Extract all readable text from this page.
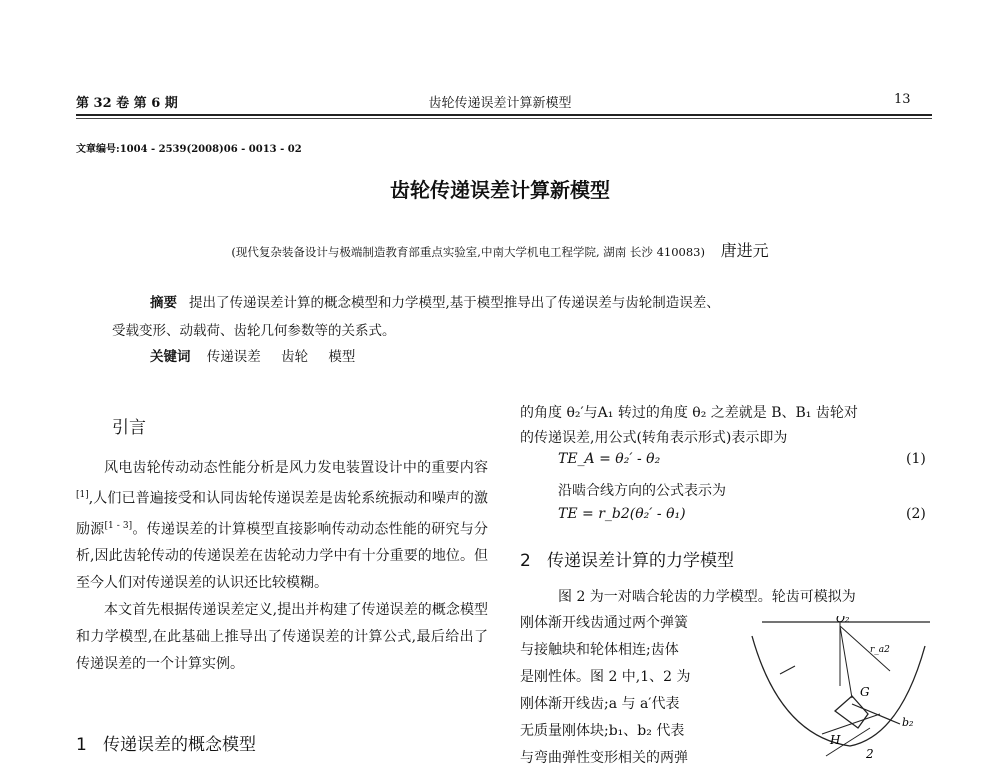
第 32 卷 第 6 期	齿轮传递误差计算新模型	13
文章编号:1004 - 2539(2008)06 - 0013 - 02
齿轮传递误差计算新模型
(现代复杂装备设计与极端制造教育部重点实验室,中南大学机电工程学院, 湖南 长沙 410083) 唐进元
摘要 提出了传递误差计算的概念模型和力学模型,基于模型推导出了传递误差与齿轮制造误差、
受载变形、动载荷、齿轮几何参数等的关系式。
关键词 传递误差 齿轮 模型
引言

风电齿轮传动动态性能分析是风力发电装置设计中的重要内容[1],人们已普遍接受和认同齿轮传递误差是齿轮系统振动和噪声的激励源[1 - 3]。传递误差的计算模型直接影响传动动态性能的研究与分析,因此齿轮传动的传递误差在齿轮动力学中有十分重要的地位。但至今人们对传递误差的认识还比较模糊。

本文首先根据传递误差定义,提出并构建了传递误差的概念模型和力学模型,在此基础上推导出了传递误差的计算公式,最后给出了传递误差的一个计算实例。

1 传递误差的概念模型
的角度 θ₂′与A₁ 转过的角度 θ₂ 之差就是 B、B₁ 齿轮对
的传递误差,用公式(转角表示形式)表示即为
TE_A = θ₂′ - θ₂	(1)
沿啮合线方向的公式表示为
TE = r_b2(θ₂′ - θ₁)	(2)
2 传递误差计算的力学模型
图 2 为一对啮合轮齿的力学模型。轮齿可模拟为
刚体渐开线齿通过两个弹簧
与接触块和轮体相连;齿体
是刚性体。图 2 中,1、2 为
刚体渐开线齿;a 与 a′代表
无质量刚体块;b₁、b₂ 代表
与弯曲弹性变形相关的两弹
O₂
r_a2
G
b₂
H
2
